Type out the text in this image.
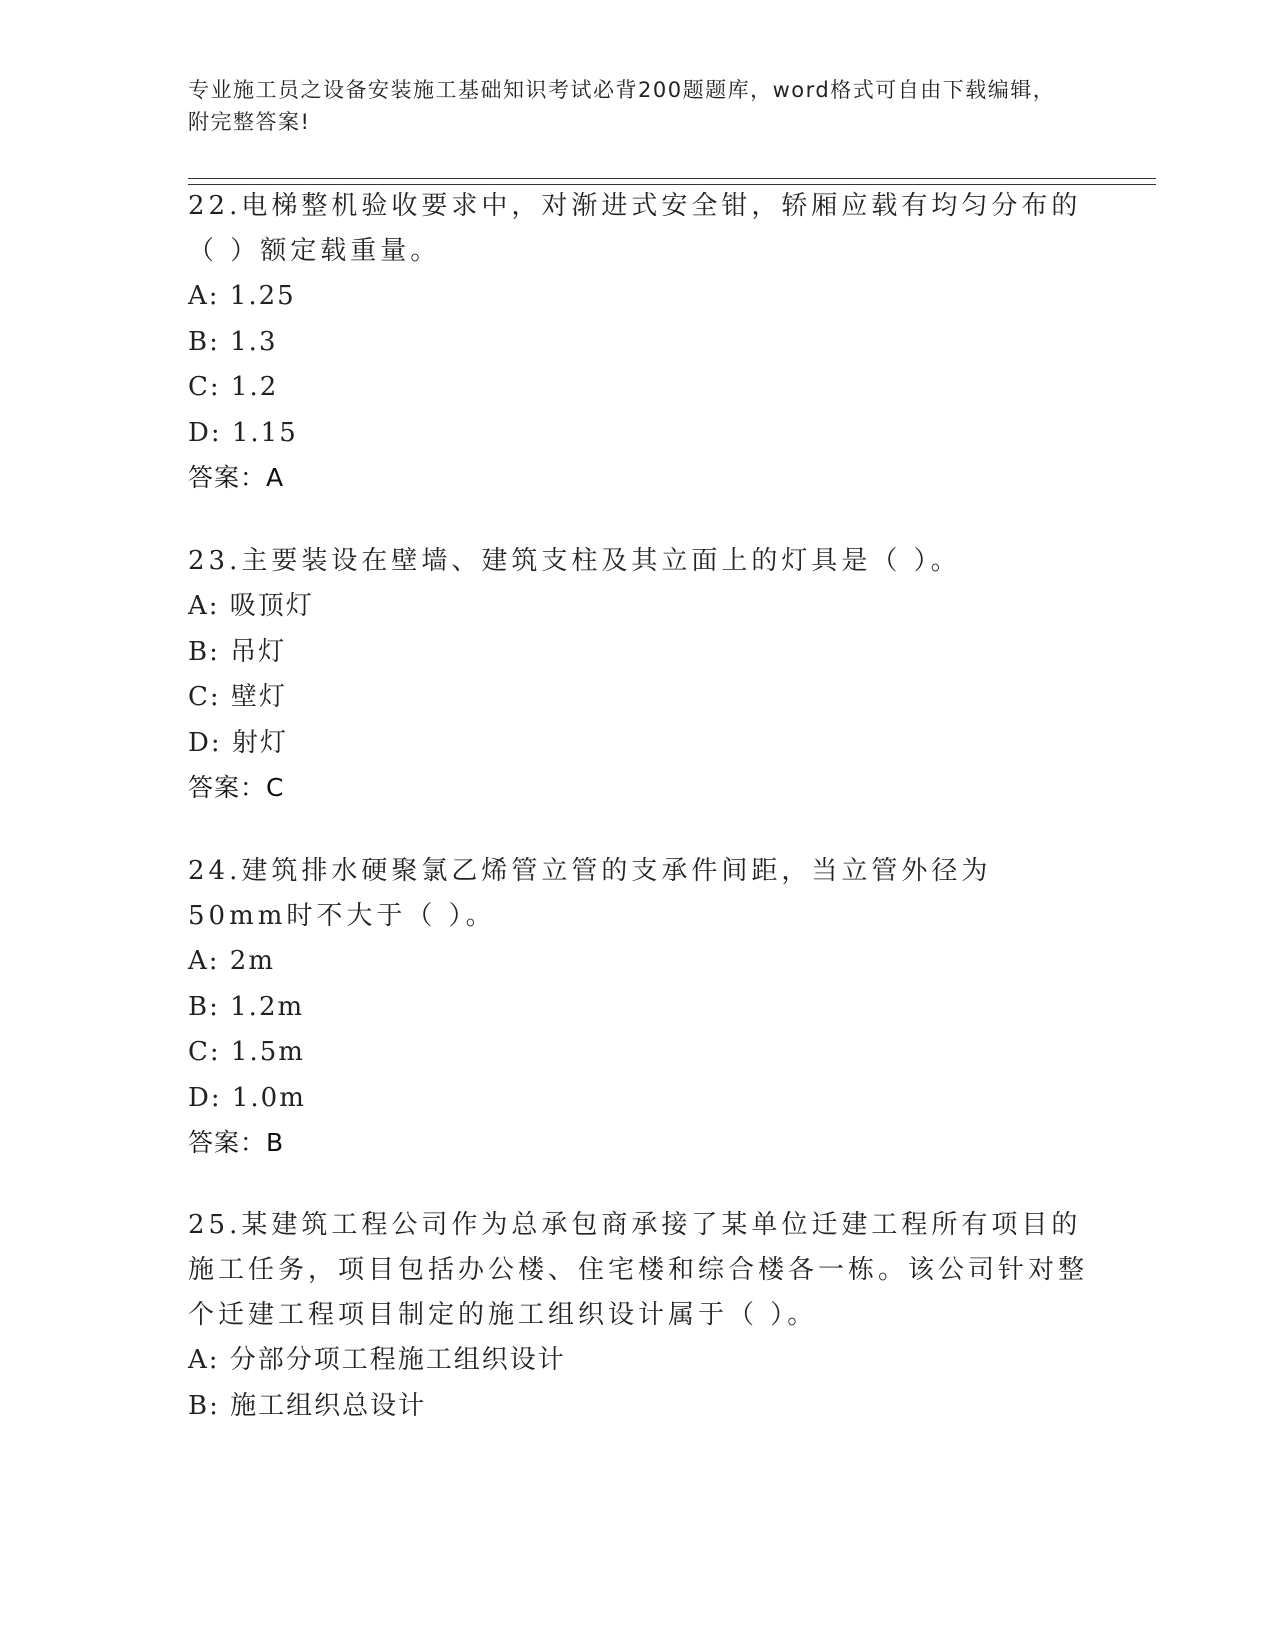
专业施工员之设备安装施工基础知识考试必背200题题库，word格式可自由下载编辑，附完整答案!

22.电梯整机验收要求中，对渐进式安全钳，轿厢应载有均匀分布的（ ）额定载重量。

A: 1.25

B: 1.3

C: 1.2

D: 1.15

答案：A

23.主要装设在壁墙、建筑支柱及其立面上的灯具是（ ）。

A: 吸顶灯

B: 吊灯

C: 壁灯

D: 射灯

答案：C

24.建筑排水硬聚氯乙烯管立管的支承件间距，当立管外径为50mm时不大于（ ）。

A: 2m

B: 1.2m

C: 1.5m

D: 1.0m

答案：B

25.某建筑工程公司作为总承包商承接了某单位迁建工程所有项目的施工任务，项目包括办公楼、住宅楼和综合楼各一栋。该公司针对整个迁建工程项目制定的施工组织设计属于（ ）。

A: 分部分项工程施工组织设计

B: 施工组织总设计
